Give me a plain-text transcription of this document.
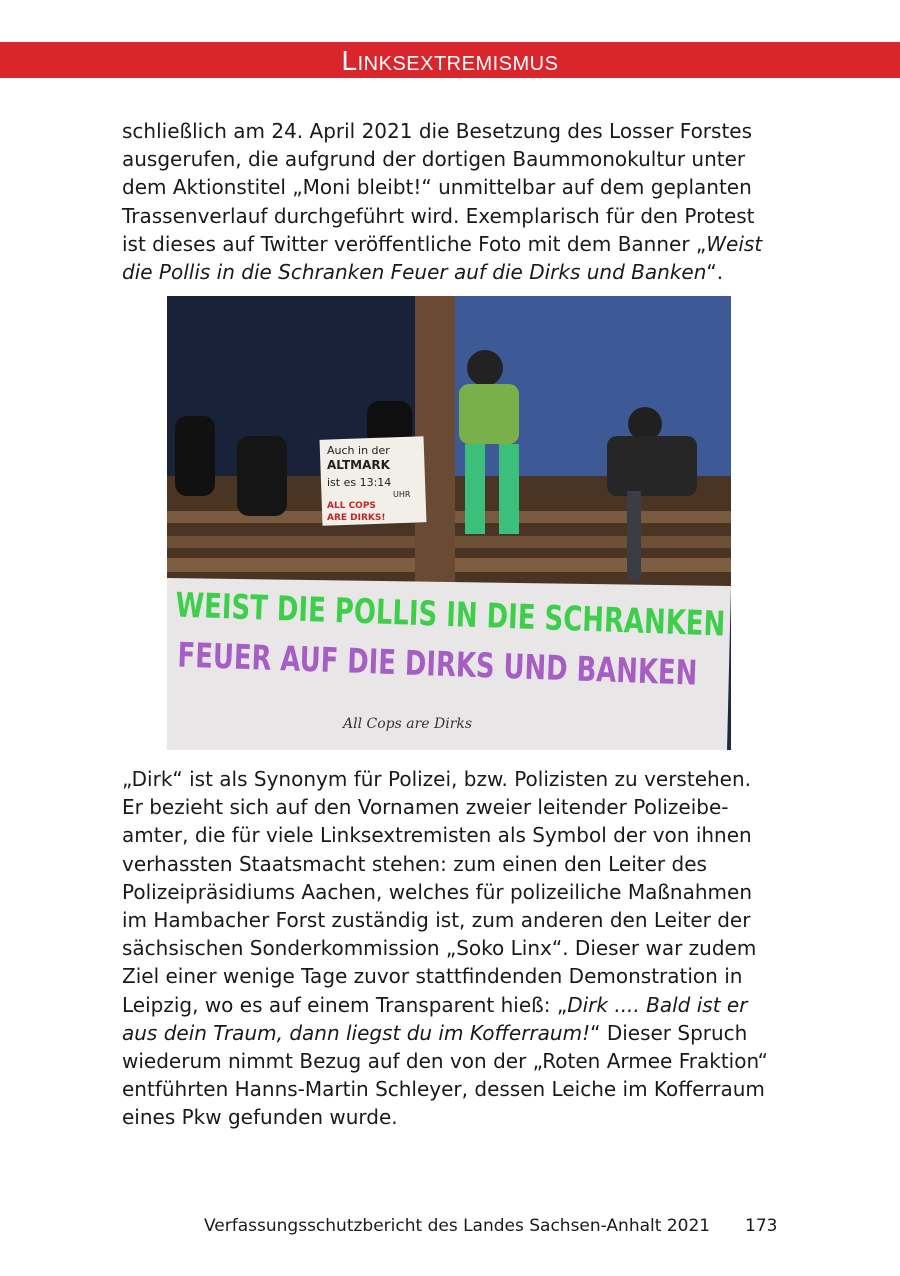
Linksextremismus
schließlich am 24. April 2021 die Besetzung des Losser Forstes
ausgerufen, die aufgrund der dortigen Baummonokultur unter
dem Aktionstitel „Moni bleibt!“ unmittelbar auf dem geplanten
Trassenverlauf durchgeführt wird. Exemplarisch für den Protest
ist dieses auf Twitter veröffentliche Foto mit dem Banner „Weist
die Pollis in die Schranken Feuer auf die Dirks und Banken“.
Auch in der
ALTMARK
ist es 13:14
UHR
ALL COPS
ARE DIRKS!
WEIST DIE POLLIS IN DIE SCHRANKEN
FEUER AUF DIE DIRKS UND BANKEN
All Cops are Dirks
„Dirk“ ist als Synonym für Polizei, bzw. Polizisten zu verstehen.
Er bezieht sich auf den Vornamen zweier leitender Polizeibe-
amter, die für viele Linksextremisten als Symbol der von ihnen
verhassten Staatsmacht stehen: zum einen den Leiter des
Polizeipräsidiums Aachen, welches für polizeiliche Maßnahmen
im Hambacher Forst zuständig ist, zum anderen den Leiter der
sächsischen Sonderkommission „Soko Linx“. Dieser war zudem
Ziel einer wenige Tage zuvor stattfindenden Demonstration in
Leipzig, wo es auf einem Transparent hieß: „Dirk .... Bald ist er
aus dein Traum, dann liegst du im Kofferraum!“ Dieser Spruch
wiederum nimmt Bezug auf den von der „Roten Armee Fraktion“
entführten Hanns-Martin Schleyer, dessen Leiche im Kofferraum
eines Pkw gefunden wurde.
Verfassungsschutzbericht des Landes Sachsen-Anhalt 2021 173
